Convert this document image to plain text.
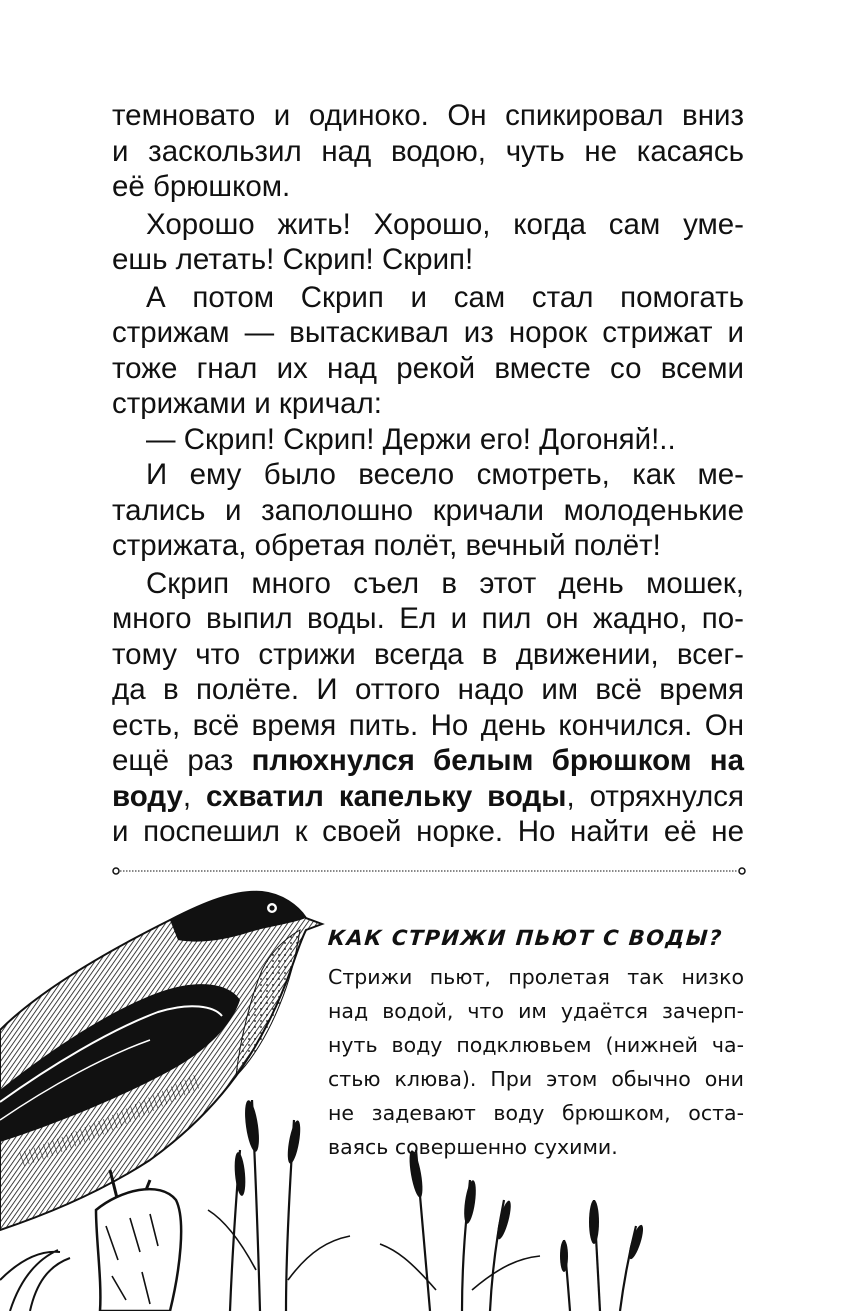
темновато и одиноко. Он спикировал вниз
и заскользил над водою, чуть не касаясь
её брюшком.
Хорошо жить! Хорошо, когда сам уме-
ешь летать! Скрип! Скрип!
А потом Скрип и сам стал помогать
стрижам — вытаскивал из норок стрижат и
тоже гнал их над рекой вместе со всеми
стрижами и кричал:
— Скрип! Скрип! Держи его! Догоняй!..
И ему было весело смотреть, как ме-
тались и заполошно кричали молоденькие
стрижата, обретая полёт, вечный полёт!
Скрип много съел в этот день мошек,
много выпил воды. Ел и пил он жадно, по-
тому что стрижи всегда в движении, всег-
да в полёте. И оттого надо им всё время
есть, всё время пить. Но день кончился. Он
ещё раз плюхнулся белым брюшком на
воду, схватил капельку воды, отряхнулся
и поспешил к своей норке. Но найти её не
КАК СТРИЖИ ПЬЮТ С ВОДЫ?
Стрижи пьют, пролетая так низко
над водой, что им удаётся зачерп-
нуть воду подклювьем (нижней ча-
стью клюва). При этом обычно они
не задевают воду брюшком, оста-
ваясь совершенно сухими.
